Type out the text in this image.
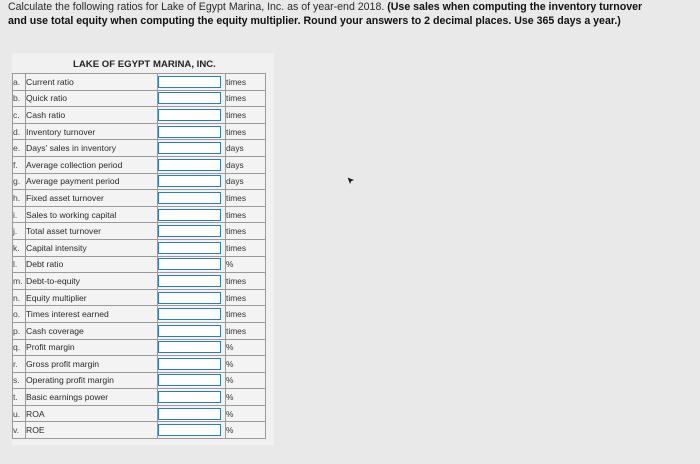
Calculate the following ratios for Lake of Egypt Marina, Inc. as of year-end 2018. (Use sales when computing the inventory turnover
and use total equity when computing the equity multiplier. Round your answers to 2 decimal places. Use 365 days a year.)
LAKE OF EGYPT MARINA, INC.
a.	Current ratio		times
b.	Quick ratio		times
c.	Cash ratio		times
d.	Inventory turnover		times
e.	Days' sales in inventory		days
f.	Average collection period		days
g.	Average payment period		days
h.	Fixed asset turnover		times
i.	Sales to working capital		times
j.	Total asset turnover		times
k.	Capital intensity		times
l.	Debt ratio		%
m.	Debt-to-equity		times
n.	Equity multiplier		times
o.	Times interest earned		times
p.	Cash coverage		times
q.	Profit margin		%
r.	Gross profit margin		%
s.	Operating profit margin		%
t.	Basic earnings power		%
u.	ROA		%
v.	ROE		%
